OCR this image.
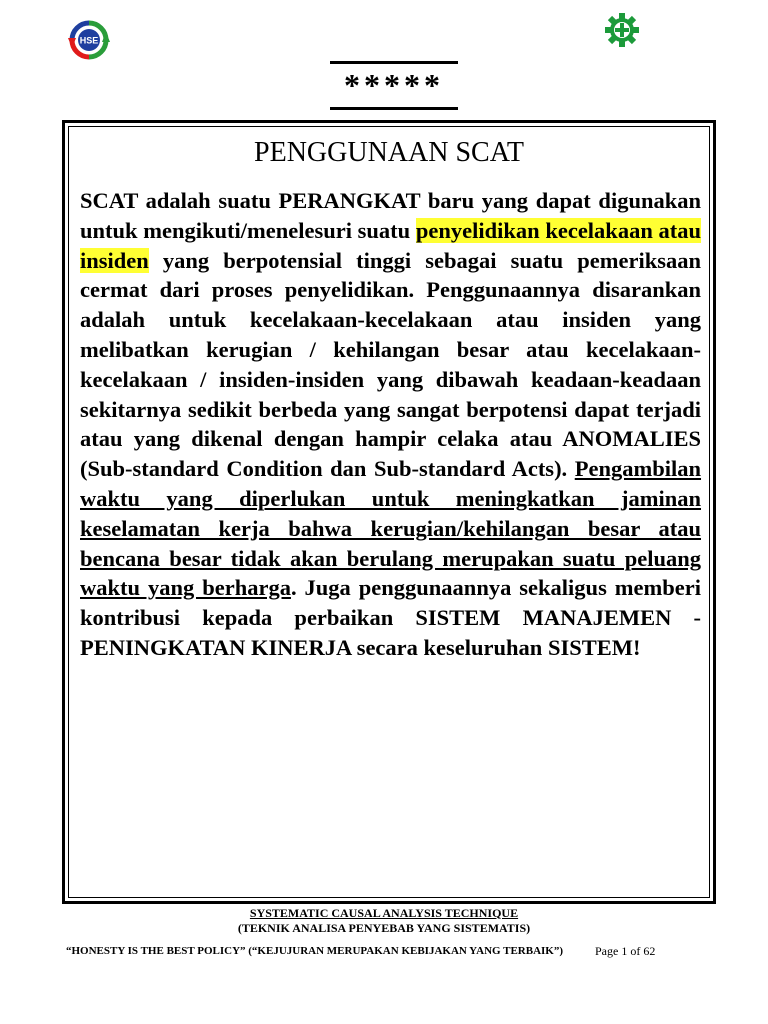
HSE
*****
PENGGUNAAN SCAT
SCAT adalah suatu PERANGKAT baru yang dapat digunakan untuk mengikuti/menelesuri suatu penyelidikan kecelakaan atau insiden yang berpotensial tinggi sebagai suatu pemeriksaan cermat dari proses penyelidikan. Penggunaannya disarankan adalah untuk kecelakaan-kecelakaan atau insiden yang melibatkan kerugian / kehilangan besar atau kecelakaan-kecelakaan / insiden-insiden yang dibawah keadaan-keadaan sekitarnya sedikit berbeda yang sangat berpotensi dapat terjadi atau yang dikenal dengan hampir celaka atau ANOMALIES (Sub-standard Condition dan Sub-standard Acts). Pengambilan waktu yang diperlukan untuk meningkatkan jaminan keselamatan kerja bahwa kerugian/kehilangan besar atau bencana besar tidak akan berulang merupakan suatu peluang waktu yang berharga. Juga penggunaannya sekaligus memberi kontribusi kepada perbaikan SISTEM MANAJEMEN - PENINGKATAN KINERJA secara keseluruhan SISTEM!
SYSTEMATIC CAUSAL ANALYSIS TECHNIQUE
(TEKNIK ANALISA PENYEBAB YANG SISTEMATIS)
“HONESTY IS THE BEST POLICY” (“KEJUJURAN MERUPAKAN KEBIJAKAN YANG TERBAIK”)	Page 1 of 62
